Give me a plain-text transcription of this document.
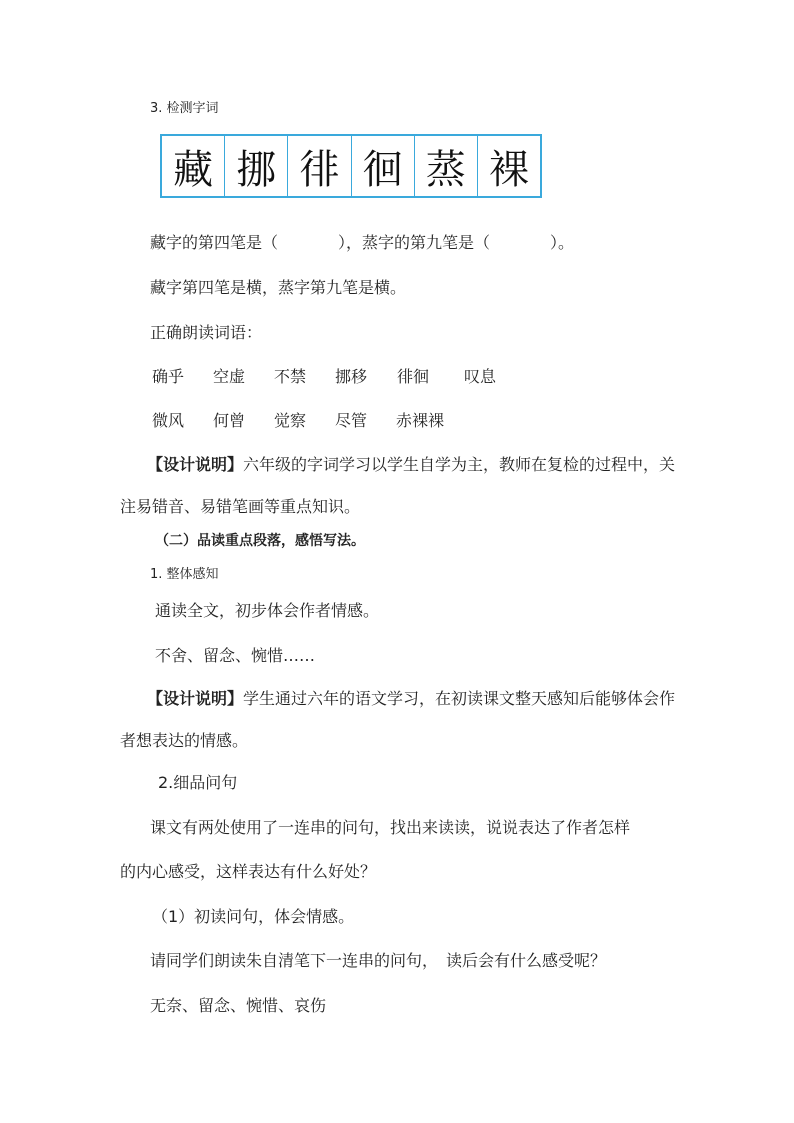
3. 检测字词
藏 挪 徘 徊 蒸 裸
藏字的第四笔是（	），蒸字的第九笔是（	）。
藏字第四笔是横，蒸字第九笔是横。
正确朗读词语：
确乎 空虚 不禁 挪移 徘徊 叹息
微风 何曾 觉察 尽管 赤裸裸
【设计说明】六年级的字词学习以学生自学为主，教师在复检的过程中，关
注易错音、易错笔画等重点知识。
（二）品读重点段落，感悟写法。
1. 整体感知
通读全文，初步体会作者情感。
不舍、留念、惋惜……
【设计说明】学生通过六年的语文学习，在初读课文整天感知后能够体会作
者想表达的情感。
2.细品问句
课文有两处使用了一连串的问句，找出来读读，说说表达了作者怎样
的内心感受，这样表达有什么好处？
（1）初读问句，体会情感。
请同学们朗读朱自清笔下一连串的问句，　读后会有什么感受呢？
无奈、留念、惋惜、哀伤
